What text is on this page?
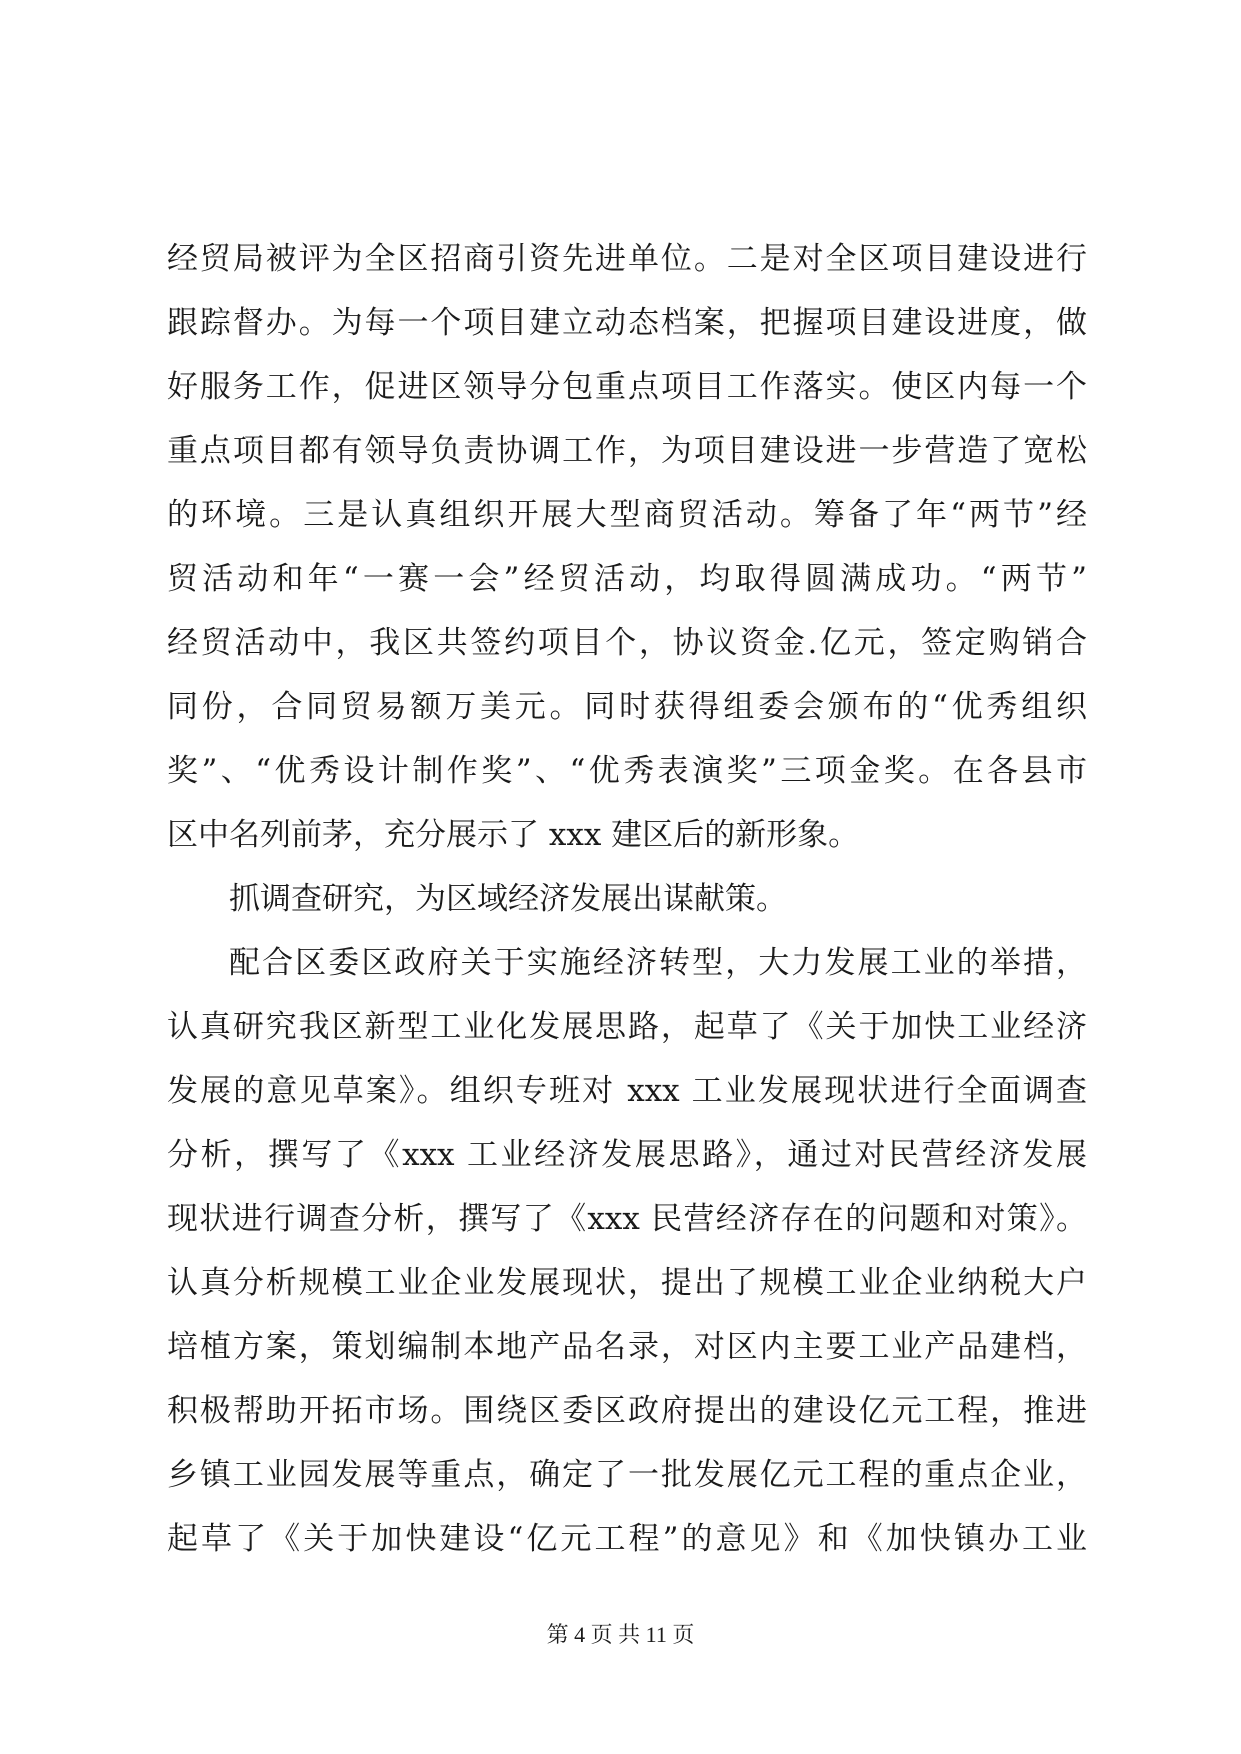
经贸局被评为全区招商引资先进单位。二是对全区项目建设进行
跟踪督办。为每一个项目建立动态档案，把握项目建设进度，做
好服务工作，促进区领导分包重点项目工作落实。使区内每一个
重点项目都有领导负责协调工作，为项目建设进一步营造了宽松
的环境。三是认真组织开展大型商贸活动。筹备了年“两节”经
贸活动和年“一赛一会”经贸活动，均取得圆满成功。“两节”
经贸活动中，我区共签约项目个，协议资金.亿元，签定购销合
同份，合同贸易额万美元。同时获得组委会颁布的“优秀组织
奖”、“优秀设计制作奖”、“优秀表演奖”三项金奖。在各县市
区中名列前茅，充分展示了 xxx 建区后的新形象。
抓调查研究，为区域经济发展出谋献策。
配合区委区政府关于实施经济转型，大力发展工业的举措，
认真研究我区新型工业化发展思路，起草了《关于加快工业经济
发展的意见草案》。组织专班对 xxx 工业发展现状进行全面调查
分析，撰写了《xxx 工业经济发展思路》，通过对民营经济发展
现状进行调查分析，撰写了《xxx 民营经济存在的问题和对策》。
认真分析规模工业企业发展现状，提出了规模工业企业纳税大户
培植方案，策划编制本地产品名录，对区内主要工业产品建档，
积极帮助开拓市场。围绕区委区政府提出的建设亿元工程，推进
乡镇工业园发展等重点，确定了一批发展亿元工程的重点企业，
起草了《关于加快建设“亿元工程”的意见》和《加快镇办工业
第 4 页 共 11 页
